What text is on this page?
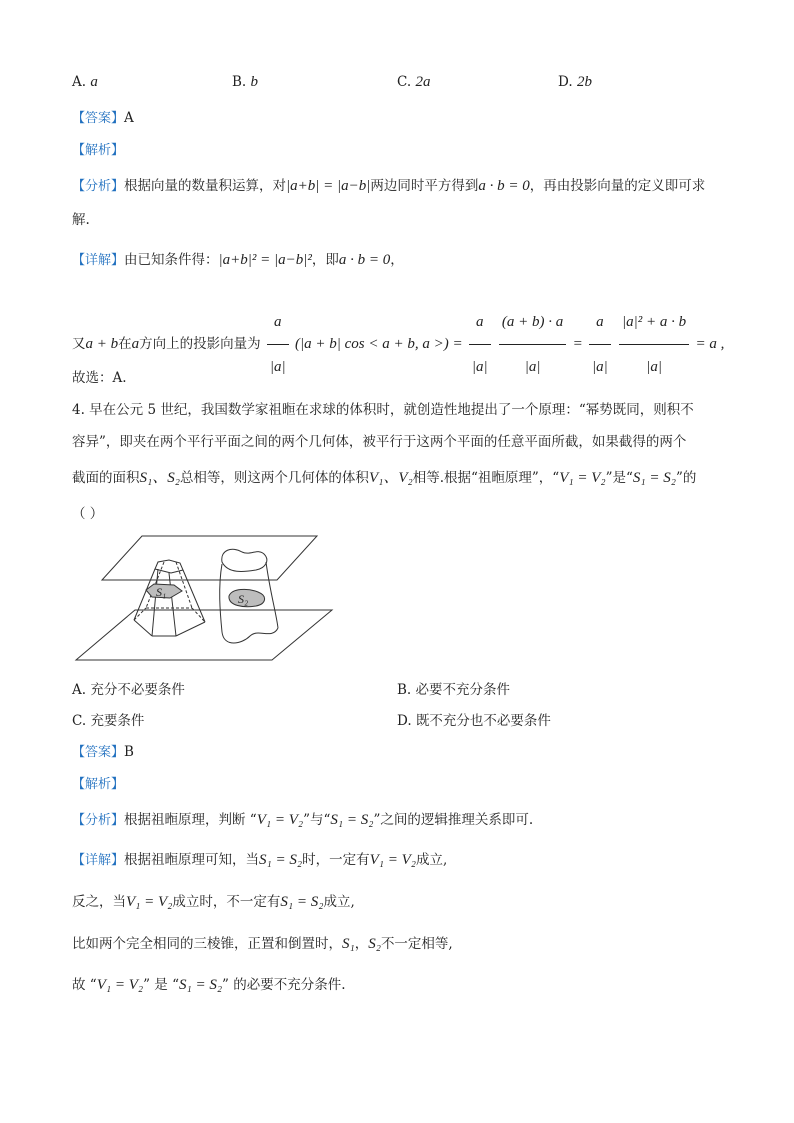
A. a	B. b	C. 2a	D. 2b
【答案】A
【解析】
【分析】根据向量的数量积运算，对|a+b| = |a−b|两边同时平方得到a · b = 0，再由投影向量的定义即可求
解.
【详解】由已知条件得：|a+b|² = |a−b|²，即a · b = 0，
又a + b在a方向上的投影向量为 $\frac{a}{|a|} (|a + b|$ cos < a + b, a >) = $\frac{a}{|a|}$
$\frac{(a + b) \cdot a}{|a|} = \frac{a}{|a|}$
$\frac{\text{|a|² + a · b}}{|a|} = a$ ,
故选：A.
4. 早在公元 5 世纪，我国数学家祖暅在求球的体积时，就创造性地提出了一个原理：“幂势既同，则积不
容异”，即夹在两个平行平面之间的两个几何体，被平行于这两个平面的任意平面所截，如果截得的两个
截面的面积S₁、S₂总相等，则这两个几何体的体积V₁、V₂相等.根据“祖暅原理”，“V₁ = V₂”是“S₁ = S₂”的
（ ）
S₁	S₂
A. 充分不必要条件	B. 必要不充分条件
C. 充要条件	D. 既不充分也不必要条件
【答案】B
【解析】
【分析】根据祖暅原理，判断 “V₁ = V₂”与“S₁ = S₂”之间的逻辑推理关系即可.
【详解】根据祖暅原理可知，当S₁ = S₂时，一定有V₁ = V₂成立,
反之，当V₁ = V₂成立时，不一定有S₁ = S₂成立,
比如两个完全相同的三棱锥，正置和倒置时，S₁，S₂不一定相等,
故 “V₁ = V₂” 是 “S₁ = S₂” 的必要不充分条件.
